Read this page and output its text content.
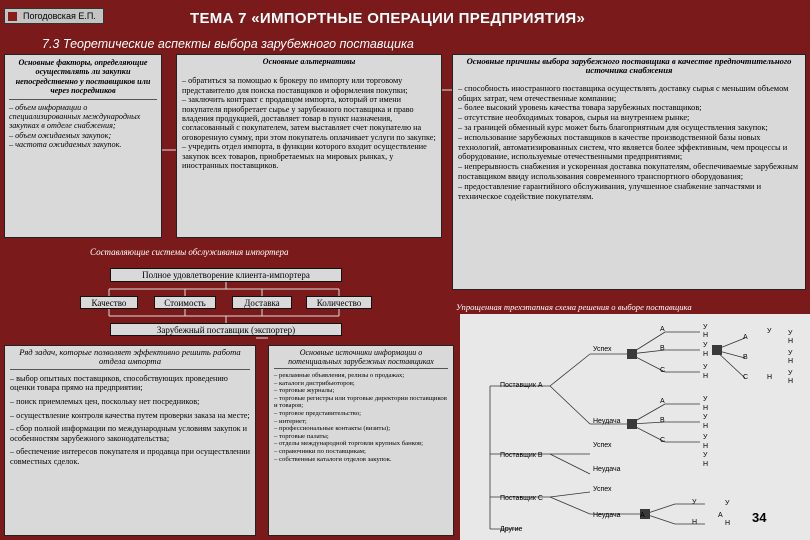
Погодовская Е.П.	ТЕМА 7 «ИМПОРТНЫЕ ОПЕРАЦИИ ПРЕДПРИЯТИЯ»
7.3 Теоретические аспекты выбора зарубежного поставщика
Основные факторы, определяющие осуществлять ли закупки непосредственно у поставщиков или через посредников
– объем информации о специализированных международных закупках в отделе снабжения;
– объем ожидаемых закупок;
– частота ожидаемых закупок.
Основные альтернативы
– обратиться за помощью к брокеру по импорту или торговому представителю для поиска поставщиков и оформления покупки;
– заключить контракт с продавцом импорта, который от имени покупателя приобретает сырье у зарубежного поставщика и право владения продукцией, доставляет товар в пункт назначения, согласованный с покупателем, затем выставляет счет покупателю на оговоренную сумму, при этом покупатель оплачивает услуги по закупке;
– учредить отдел импорта, в функции которого входит осуществление закупок всех товаров, приобретаемых на мировых рынках, у иностранных поставщиков.
Основные причины выбора зарубежного поставщика в качестве предпочтительного источника снабжения
– способность иностранного поставщика осуществлять доставку сырья с меньшим объемом общих затрат, чем отечественные компании;
– более высокий уровень качества товара зарубежных поставщиков;
– отсутствие необходимых товаров, сырья на внутреннем рынке;
– за границей обменный курс может быть благоприятным для осуществления закупок;
– использование зарубежных поставщиков в качестве производственной базы новых технологий, автоматизированных систем, что является более эффективным, чем процессы и оборудование, используемые отечественными предприятиями;
– непрерывность снабжения и ускоренная доставка покупателям, обеспечиваемые зарубежным поставщиком ввиду использования современного транспортного оборудования;
– предоставление гарантийного обслуживания, улучшенное снабжение запчастями и техническое содействие покупателям.
Составляющие системы обслуживания импортера
Полное удовлетворение клиента-импортера
Качество	Стоимость	Доставка	Количество
Зарубежный поставщик (экспортер)
Ряд задач, которые позволяет эффективно решить работа отдела импорта
– выбор опытных поставщиков, способствующих проведению оценки товара прямо на предприятии;
– поиск приемлемых цен, поскольку нет посредников;
– осуществление контроля качества путем проверки заказа на месте;
– сбор полной информации по международным условиям закупок и особенностям зарубежного законодательства;
– обеспечение интересов покупателя и продавца при осуществлении совместных сделок.
Основные источники информации о потенциальных зарубежных поставщиках
– рекламные объявления, релизы о продажах;
– каталоги дистрибьюторов;
– торговые журналы;
– торговые регистры или торговые директории поставщиков и товаров;
– торговое представительство;
– интернет;
– профессиональные контакты (визиты);
– торговые палаты;
– отделы международной торговли крупных банков;
– справочники по поставщикам;
– собственные каталоги отделов закупок.
Упрощенная трехэтапная схема решения о выборе поставщика
Поставщик А
Поставщик В
Поставщик С
Другие
Успех
Неудача
Успех
Неудача
Успех
Неудача
A
B
C
A
B
C
A
B
C
A	A
У
Н
У
Н
У
Н
У
Н
У
Н
У
Н
У
Н
У
Н
У
Н
У
Н
У
Н
У
Н
У
Н 34
